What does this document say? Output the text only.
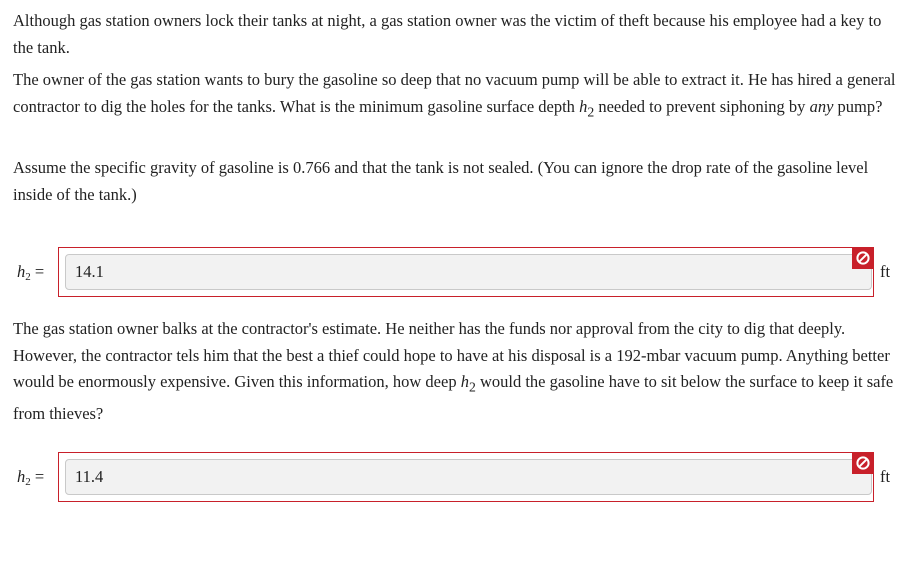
Although gas station owners lock their tanks at night, a gas station owner was the victim of theft because his employee had a key to the tank.

The owner of the gas station wants to bury the gasoline so deep that no vacuum pump will be able to extract it. He has hired a general contractor to dig the holes for the tanks. What is the minimum gasoline surface depth $h_2$ needed to prevent siphoning by any pump?

Assume the specific gravity of gasoline is 0.766 and that the tank is not sealed. (You can ignore the drop rate of the gasoline level inside of the tank.)

$h_2$ =	14.1	ft

The gas station owner balks at the contractor's estimate. He neither has the funds nor approval from the city to dig that deeply. However, the contractor tels him that the best a thief could hope to have at his disposal is a 192-mbar vacuum pump. Anything better would be enormously expensive. Given this information, how deep $h_2$ would the gasoline have to sit below the surface to keep it safe from thieves?

$h_2$ =	11.4	ft
